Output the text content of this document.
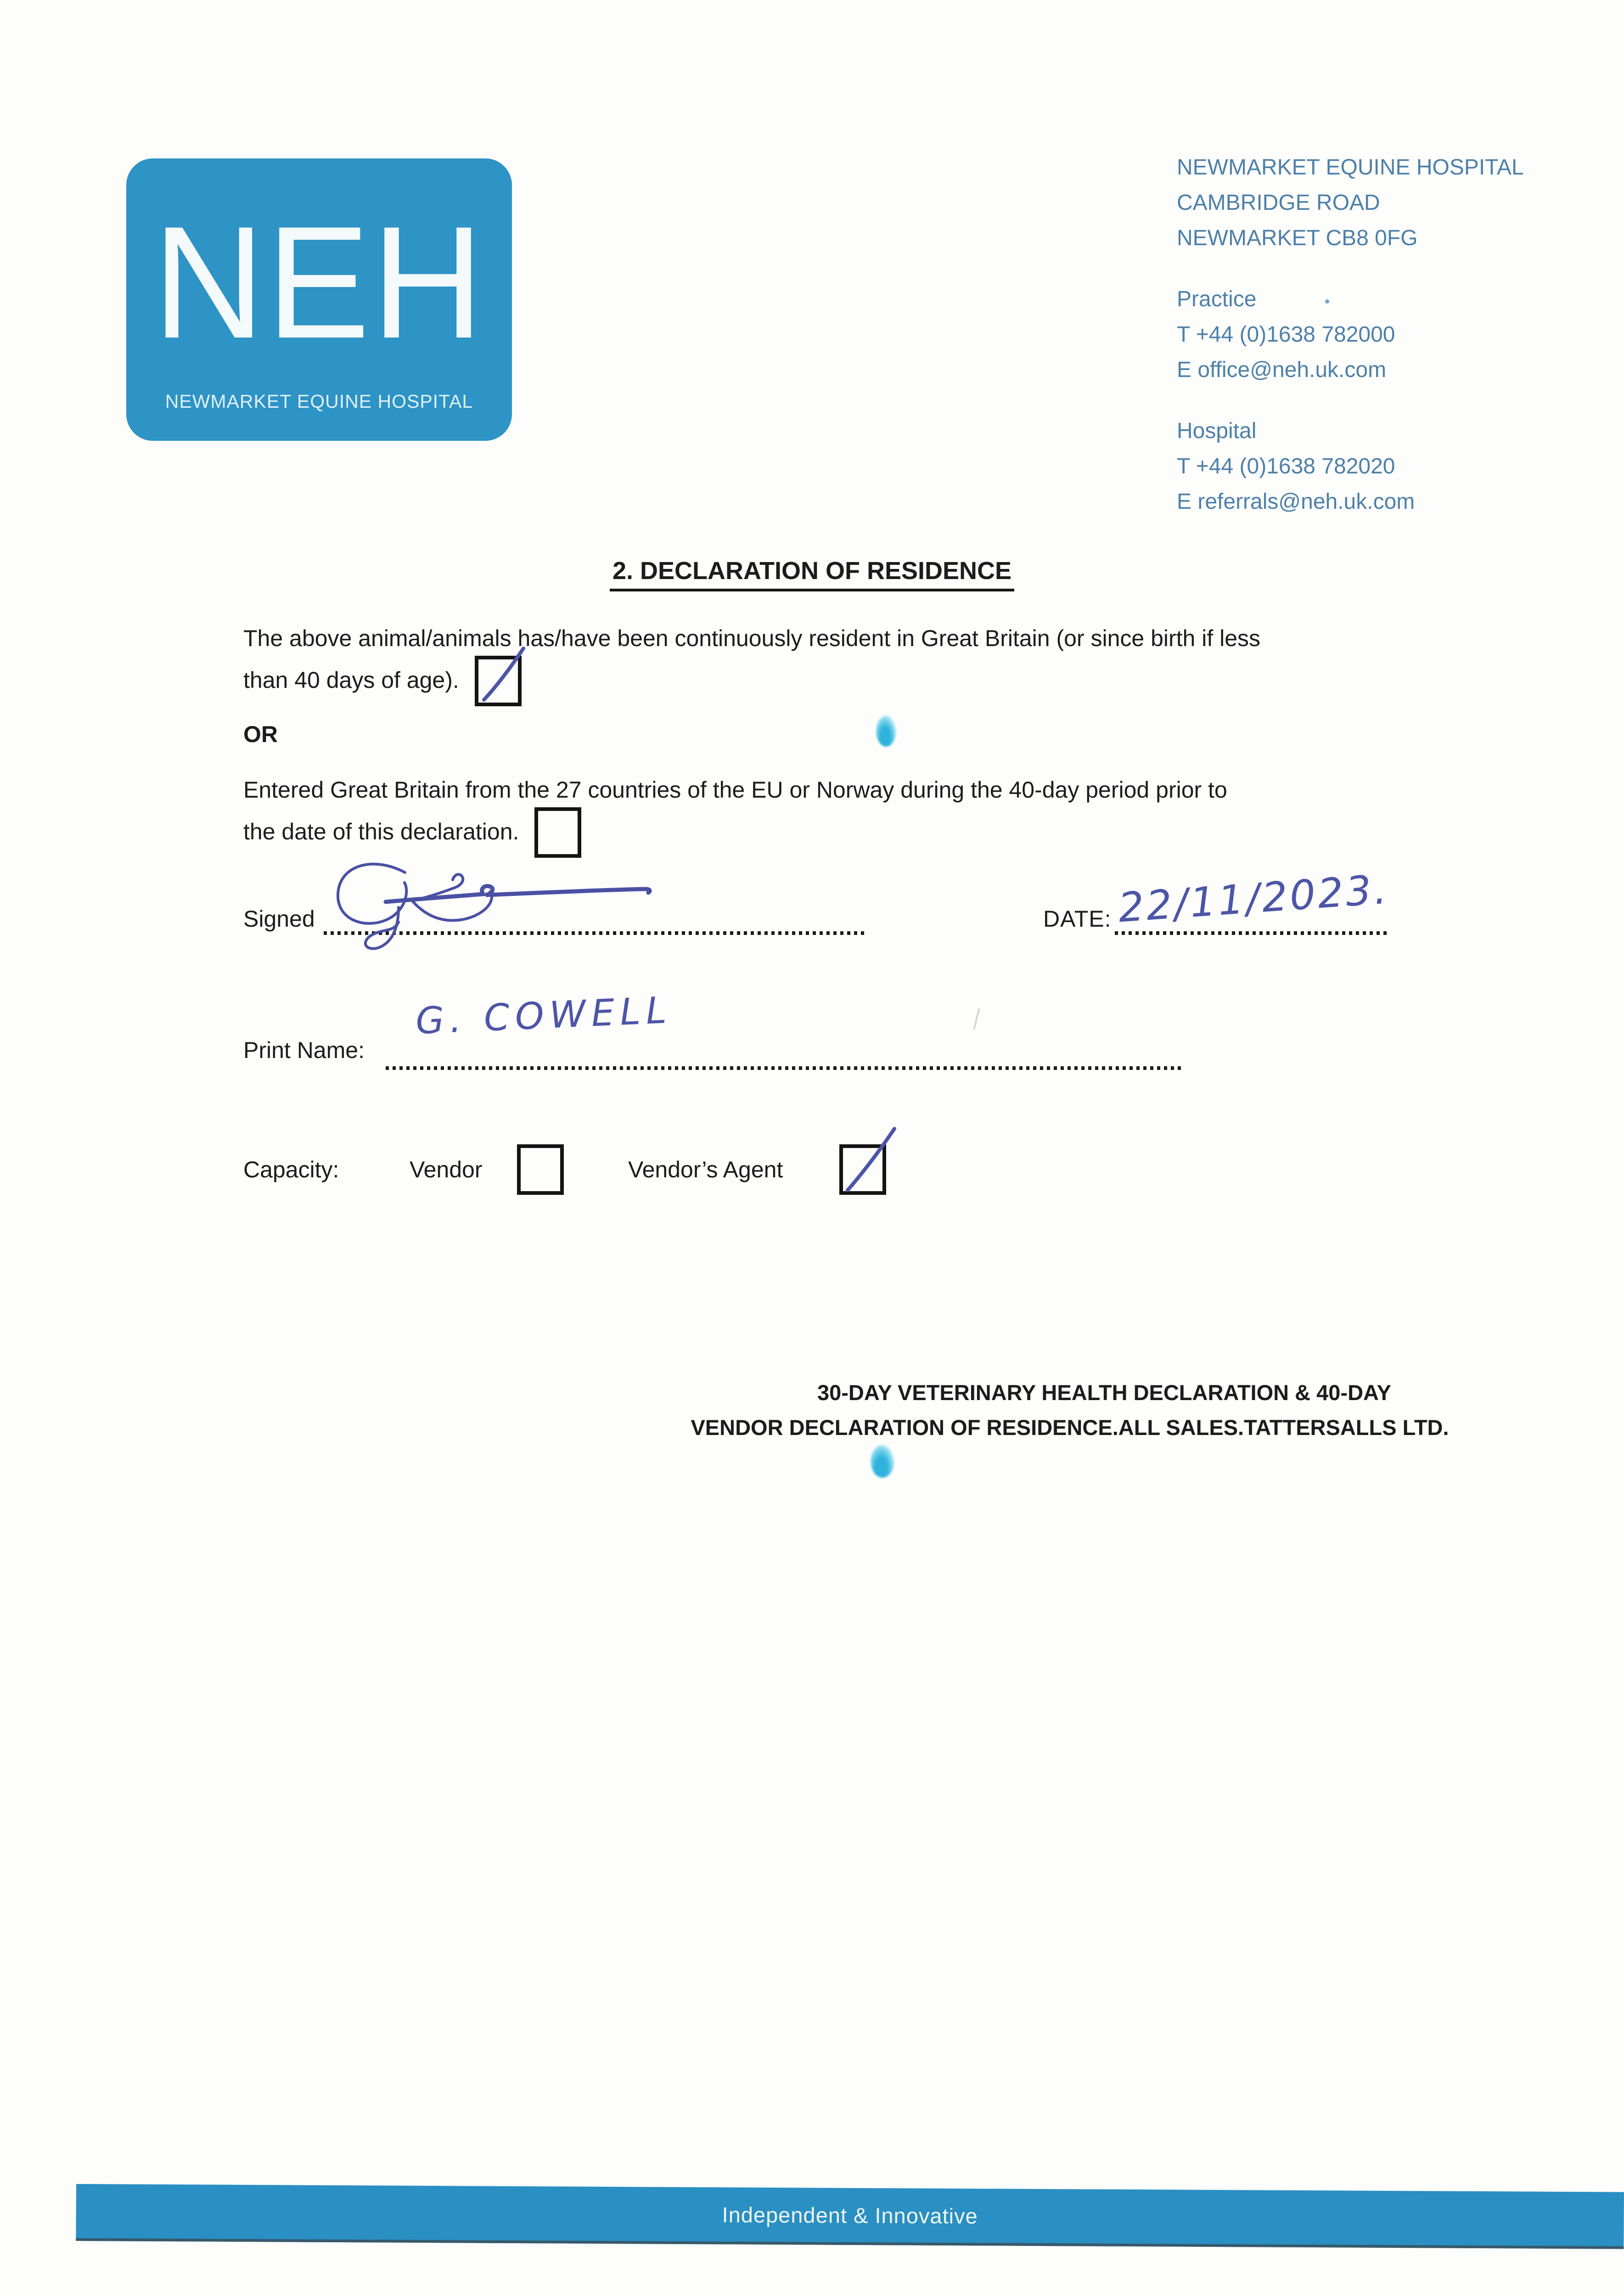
NEH
NEWMARKET EQUINE HOSPITAL
NEWMARKET EQUINE HOSPITAL
CAMBRIDGE ROAD
NEWMARKET CB8 0FG
Practice
T +44 (0)1638 782000
E office@neh.uk.com
Hospital
T +44 (0)1638 782020
E referrals@neh.uk.com
2. DECLARATION OF RESIDENCE
The above animal/animals has/have been continuously resident in Great Britain (or since birth if less
than 40 days of age).
OR
Entered Great Britain from the 27 countries of the EU or Norway during the 40-day period prior to
the date of this declaration.
Signed	DATE: 22/11/2023.
Print Name:
G. COWELL
Capacity:	Vendor	Vendor’s Agent
30-DAY VETERINARY HEALTH DECLARATION & 40-DAY
VENDOR DECLARATION OF RESIDENCE.ALL SALES.TATTERSALLS LTD.
Independent & Innovative
